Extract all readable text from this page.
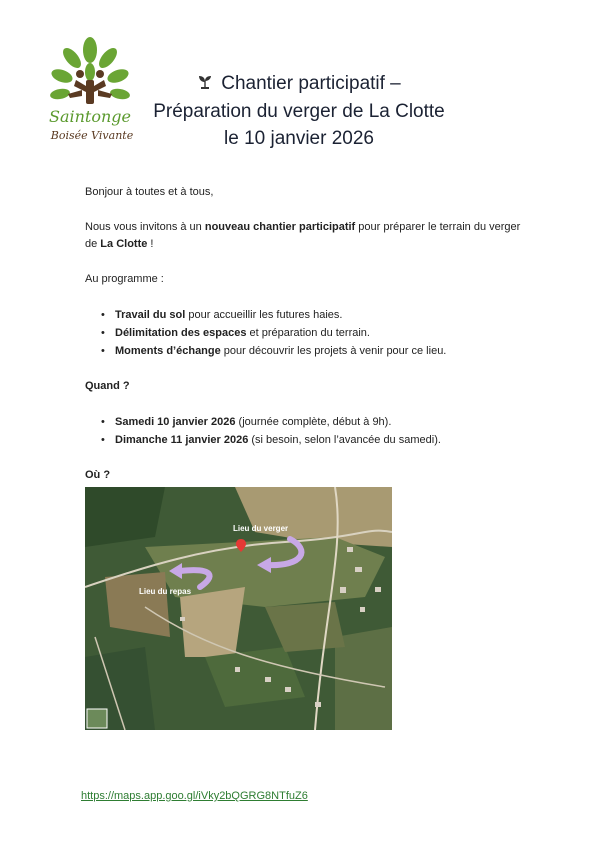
Saintonge
Boisée Vivante
Chantier participatif –
Préparation du verger de La Clotte
le 10 janvier 2026

Bonjour à toutes et à tous,

Nous vous invitons à un nouveau chantier participatif pour préparer le terrain du verger de La Clotte !

Au programme :

• Travail du sol pour accueillir les futures haies.
• Délimitation des espaces et préparation du terrain.
• Moments d’échange pour découvrir les projets à venir pour ce lieu.

Quand ?

• Samedi 10 janvier 2026 (journée complète, début à 9h).
• Dimanche 11 janvier 2026 (si besoin, selon l’avancée du samedi).

Où ?

Lieu du verger
Lieu du repas
https://maps.app.goo.gl/iVky2bQGRG8NTfuZ6
